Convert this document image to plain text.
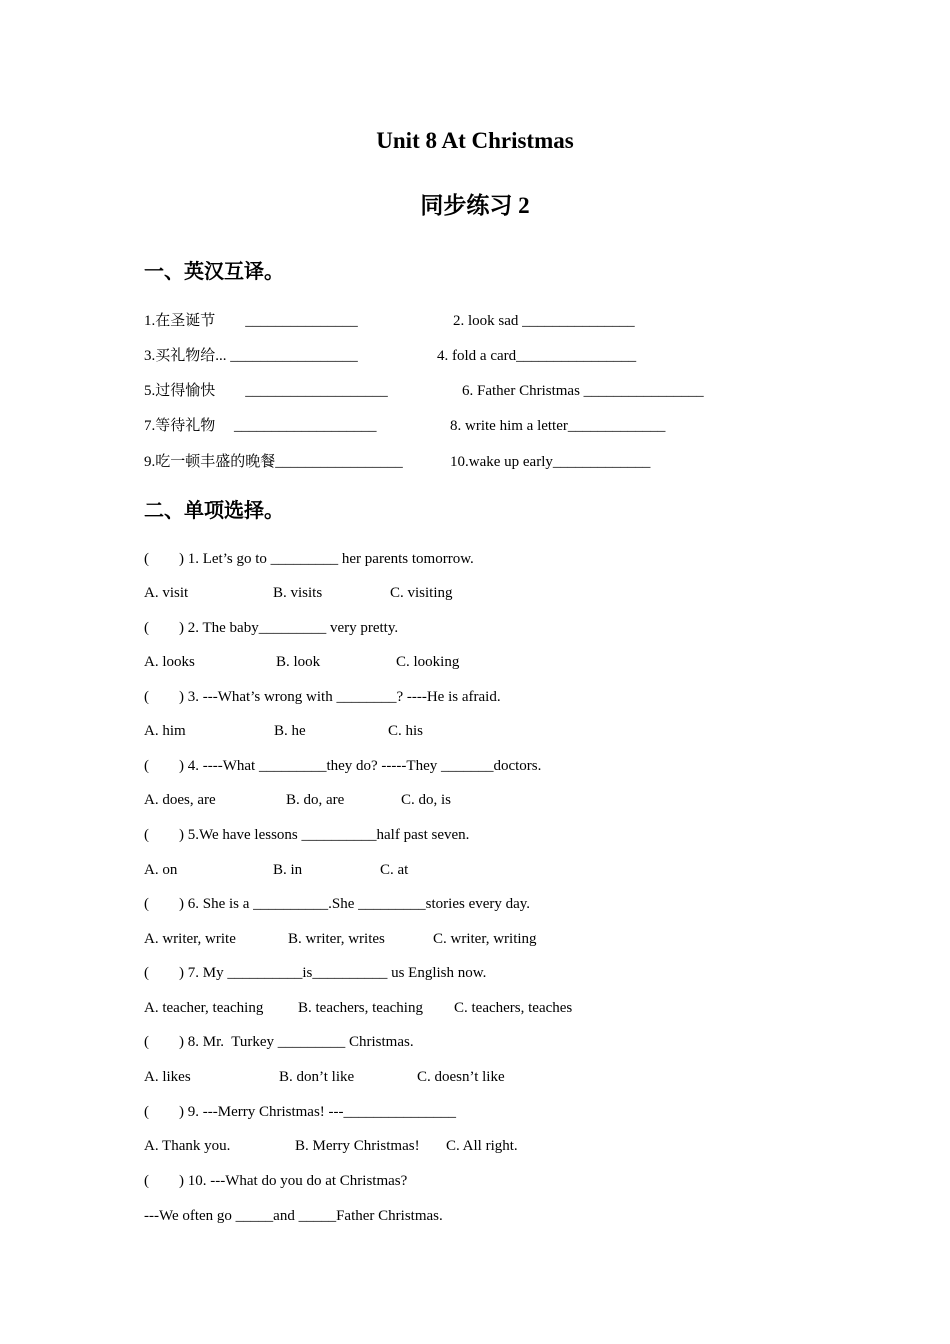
Unit 8 At Christmas
同步练习 2
一、英汉互译。
1.在圣诞节        _______________	2. look sad _______________
3.买礼物给... _________________	4. fold a card________________
5.过得愉快        ___________________	6. Father Christmas ________________
7.等待礼物     ___________________	8. write him a letter_____________
9.吃一顿丰盛的晚餐_________________	10.wake up early_____________
二、单项选择。
(        ) 1. Let’s go to _________ her parents tomorrow.
A. visit	B. visits	C. visiting
(        ) 2. The baby_________ very pretty.
A. looks	B. look	C. looking
(        ) 3. ---What’s wrong with ________? ----He is afraid.
A. him	B. he	C. his
(        ) 4. ----What _________they do? -----They _______doctors.
A. does, are	B. do, are	C. do, is
(        ) 5.We have lessons __________half past seven.
A. on	B. in	C. at
(        ) 6. She is a __________.She _________stories every day.
A. writer, write	B. writer, writes	C. writer, writing
(        ) 7. My __________is__________ us English now.
A. teacher, teaching B. teachers, teaching C. teachers, teaches
(        ) 8. Mr.  Turkey _________ Christmas.
A. likes	B. don’t like	C. doesn’t like
(        ) 9. ---Merry Christmas! ---_______________
A. Thank you.	B. Merry Christmas! C. All right.
(        ) 10. ---What do you do at Christmas?
---We often go _____and _____Father Christmas.
